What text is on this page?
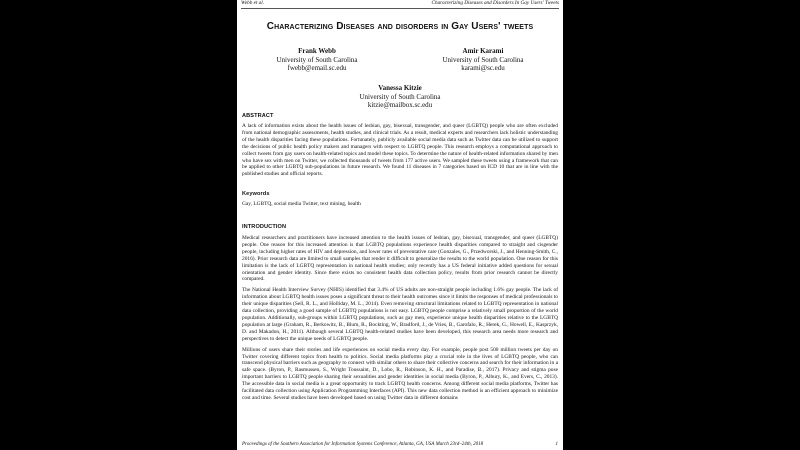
Webb et al.	Characterizing Diseases and Disorders In Gay Users' Tweets
Characterizing Diseases and disorders in Gay Users' tweets
Frank Webb
University of South Carolina
fwebb@email.sc.edu
Amir Karami
University of South Carolina
karami@sc.edu
Vanessa Kitzie
University of South Carolina
kitzie@mailbox.sc.edu
ABSTRACT

A lack of information exists about the health issues of lesbian, gay, bisexual, transgender, and queer (LGBTQ) people who are often excluded from national demographic assessments, health studies, and clinical trials. As a result, medical experts and researchers lack holistic understanding of the health disparities facing these populations. Fortunately, publicly available social media data such as Twitter data can be utilized to support the decisions of public health policy makers and managers with respect to LGBTQ people. This research employs a computational approach to collect tweets from gay users on health-related topics and model these topics. To determine the nature of health-related information shared by men who have sex with men on Twitter, we collected thousands of tweets from 177 active users. We sampled these tweets using a framework that can be applied to other LGBTQ sub-populations in future research. We found 11 diseases in 7 categories based on ICD 10 that are in line with the published studies and official reports.

Keywords

Gay, LGBTQ, social media Twitter, text mining, health

INTRODUCTION

Medical researchers and practitioners have increased attention to the health issues of lesbian, gay, bisexual, transgender, and queer (LGBTQ) people. One reason for this increased attention is that LGBTQ populations experience health disparities compared to straight and cisgender people, including higher rates of HIV and depression, and lower rates of preventative care (Gonzales, G., Przedworski, J., and Henning-Smith, C., 2016). Prior research data are limited to small samples that render it difficult to generalize the results to the world population. One reason for this limitation is the lack of LGBTQ representation in national health studies; only recently has a US federal initiative added questions for sexual orientation and gender identity. Since there exists no consistent health data collection policy, results from prior research cannot be directly compared.

The National Health Interview Survey (NHIS) identified that 3.4% of US adults are non-straight people including 1.6% gay people. The lack of information about LGBTQ health issues poses a significant threat to their health outcomes since it limits the responses of medical professionals to their unique disparities (Sell, R. L., and Holliday, M. L., 2014). Even removing structural limitations related to LGBTQ representation in national data collection, providing a good sample of LGBTQ populations is not easy. LGBTQ people comprise a relatively small proportion of the world population. Additionally, sub-groups within LGBTQ populations, such as gay men, experience unique health disparities relative to the LGBTQ population at large (Graham, R., Berkowitz, B., Blum, R., Bockting, W., Bradford, J., de Vries, B., Garofalo, R., Herek, G., Howell, E., Kasprzyk, D. and Makadon, H., 2011). Although several LGBTQ health-related studies have been developed, this research area needs more research and perspectives to detect the unique needs of LGBTQ people.

Millions of users share their stories and life experiences on social media every day. For example, people post 500 million tweets per day on Twitter covering different topics from health to politics. Social media platforms play a crucial role in the lives of LGBTQ people, who can transcend physical barriers such as geography to connect with similar others to share their collective concerns and search for their information in a safe space. (Byron, P., Rasmussen, S., Wright Toussaint, D., Lobo, R., Robinson, K. H., and Paradise, B., 2017). Privacy and stigma pose important barriers to LGBTQ people sharing their sexualities and gender identities in social media (Byron, P., Albury, K., and Evers, C., 2013). The accessible data in social media is a great opportunity to track LGBTQ health concerns. Among different social media platforms, Twitter has facilitated data collection using Application Programming Interfaces (API). This new data collection method is an efficient approach to minimize cost and time. Several studies have been developed based on using Twitter data in different domains

Proceedings of the Southern Association for Information Systems Conference, Atlanta, GA, USA March 23rd–24th, 2018	1
